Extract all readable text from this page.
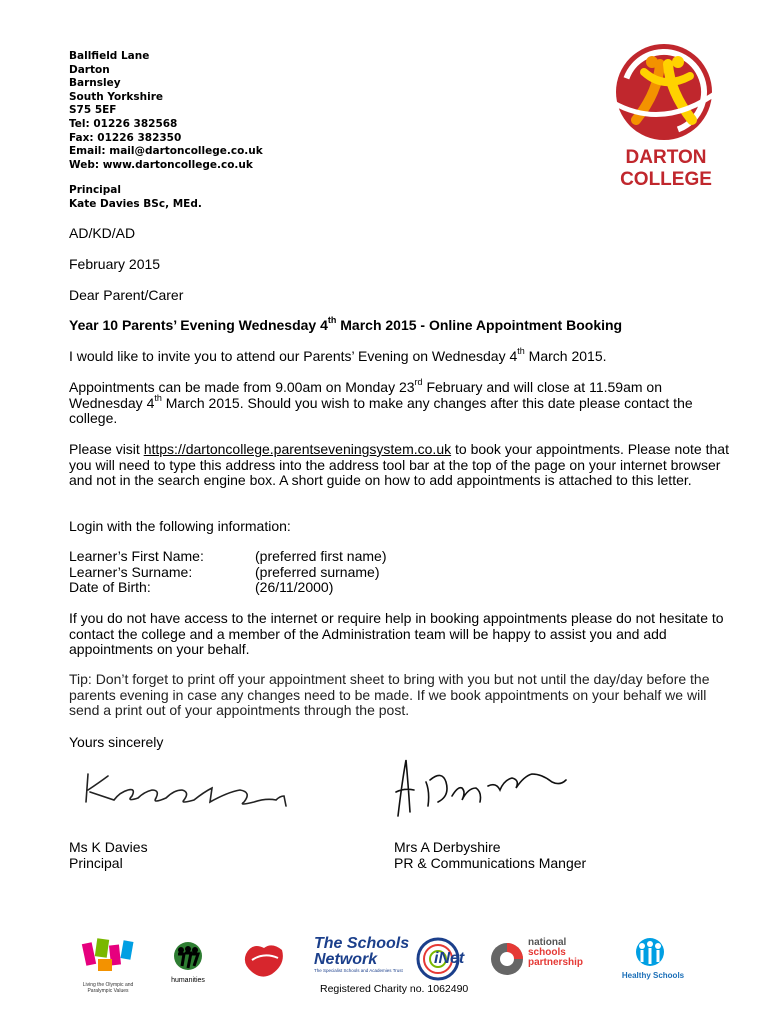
Ballfield Lane
Darton
Barnsley
South Yorkshire
S75 5EF
Tel: 01226 382568
Fax: 01226 382350
Email: mail@dartoncollege.co.uk
Web: www.dartoncollege.co.uk
Principal
Kate Davies BSc, MEd.
DARTON
COLLEGE
AD/KD/AD
February 2015
Dear Parent/Carer
Year 10 Parents’ Evening Wednesday 4th March 2015 - Online Appointment Booking
I would like to invite you to attend our Parents’ Evening on Wednesday 4th March 2015.
Appointments can be made from 9.00am on Monday 23rd February and will close at 11.59am on Wednesday 4th March 2015. Should you wish to make any changes after this date please contact the college.
Please visit https://dartoncollege.parentseveningsystem.co.uk to book your appointments. Please note that you will need to type this address into the address tool bar at the top of the page on your internet browser and not in the search engine box. A short guide on how to add appointments is attached to this letter.
Login with the following information:
Learner’s First Name:	(preferred first name)
Learner’s Surname:	(preferred surname)
Date of Birth:	(26/11/2000)
If you do not have access to the internet or require help in booking appointments please do not hesitate to contact the college and a member of the Administration team will be happy to assist you and add appointments on your behalf.
Tip: Don’t forget to print off your appointment sheet to bring with you but not until the day/day before the parents evening in case any changes need to be made. If we book appointments on your behalf we will send a print out of your appointments through the post.
Yours sincerely
Ms K Davies
Principal
Mrs A Derbyshire
PR & Communications Manger
Living the Olympic and Paralympic Values
humanities
The Schools
Network
The Specialist Schools and Academies Trust
iNet
national
schools
partnership
Healthy Schools
Registered Charity no. 1062490
